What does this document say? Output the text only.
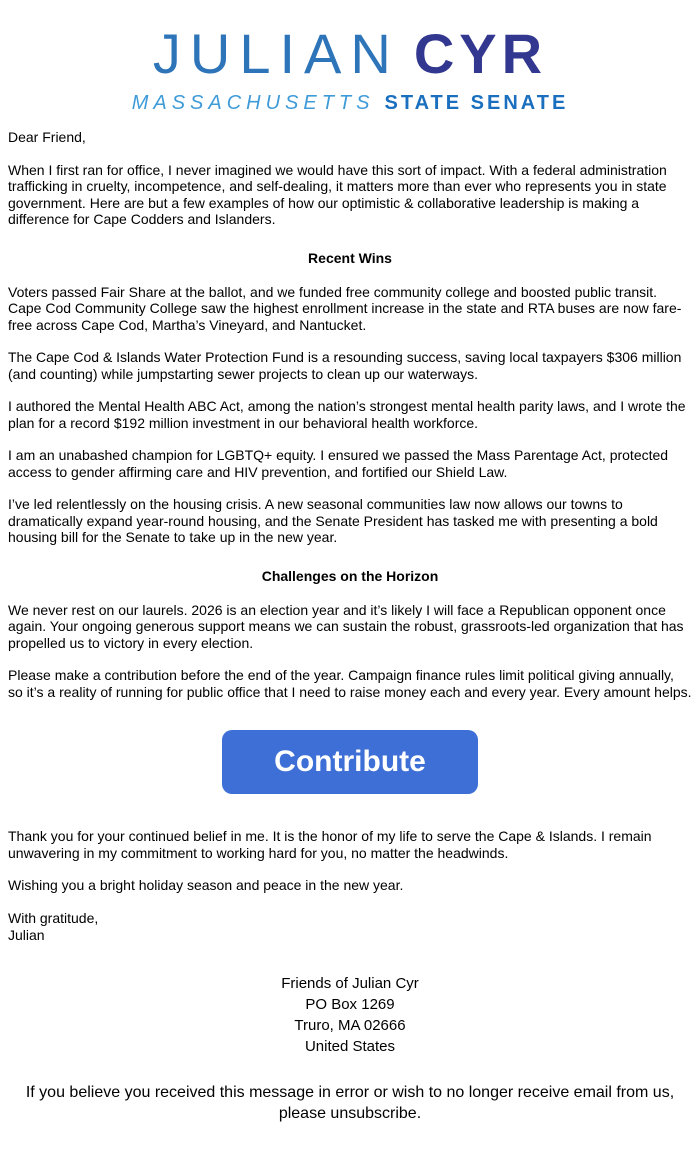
JULIAN CYR
MASSACHUSETTS STATE SENATE

Dear Friend,

When I first ran for office, I never imagined we would have this sort of impact. With a federal administration trafficking in cruelty, incompetence, and self-dealing, it matters more than ever who represents you in state government. Here are but a few examples of how our optimistic & collaborative leadership is making a difference for Cape Codders and Islanders.

Recent Wins

Voters passed Fair Share at the ballot, and we funded free community college and boosted public transit. Cape Cod Community College saw the highest enrollment increase in the state and RTA buses are now fare-free across Cape Cod, Martha’s Vineyard, and Nantucket.

The Cape Cod & Islands Water Protection Fund is a resounding success, saving local taxpayers $306 million (and counting) while jumpstarting sewer projects to clean up our waterways.

I authored the Mental Health ABC Act, among the nation’s strongest mental health parity laws, and I wrote the plan for a record $192 million investment in our behavioral health workforce.

I am an unabashed champion for LGBTQ+ equity. I ensured we passed the Mass Parentage Act, protected access to gender affirming care and HIV prevention, and fortified our Shield Law.

I’ve led relentlessly on the housing crisis. A new seasonal communities law now allows our towns to dramatically expand year-round housing, and the Senate President has tasked me with presenting a bold housing bill for the Senate to take up in the new year.

Challenges on the Horizon

We never rest on our laurels. 2026 is an election year and it’s likely I will face a Republican opponent once again. Your ongoing generous support means we can sustain the robust, grassroots-led organization that has propelled us to victory in every election.

Please make a contribution before the end of the year. Campaign finance rules limit political giving annually, so it’s a reality of running for public office that I need to raise money each and every year. Every amount helps.

Contribute

Thank you for your continued belief in me. It is the honor of my life to serve the Cape & Islands. I remain unwavering in my commitment to working hard for you, no matter the headwinds.

Wishing you a bright holiday season and peace in the new year.

With gratitude,

Julian

Friends of Julian Cyr

PO Box 1269

Truro, MA 02666

United States

If you believe you received this message in error or wish to no longer receive email from us,
please unsubscribe.
